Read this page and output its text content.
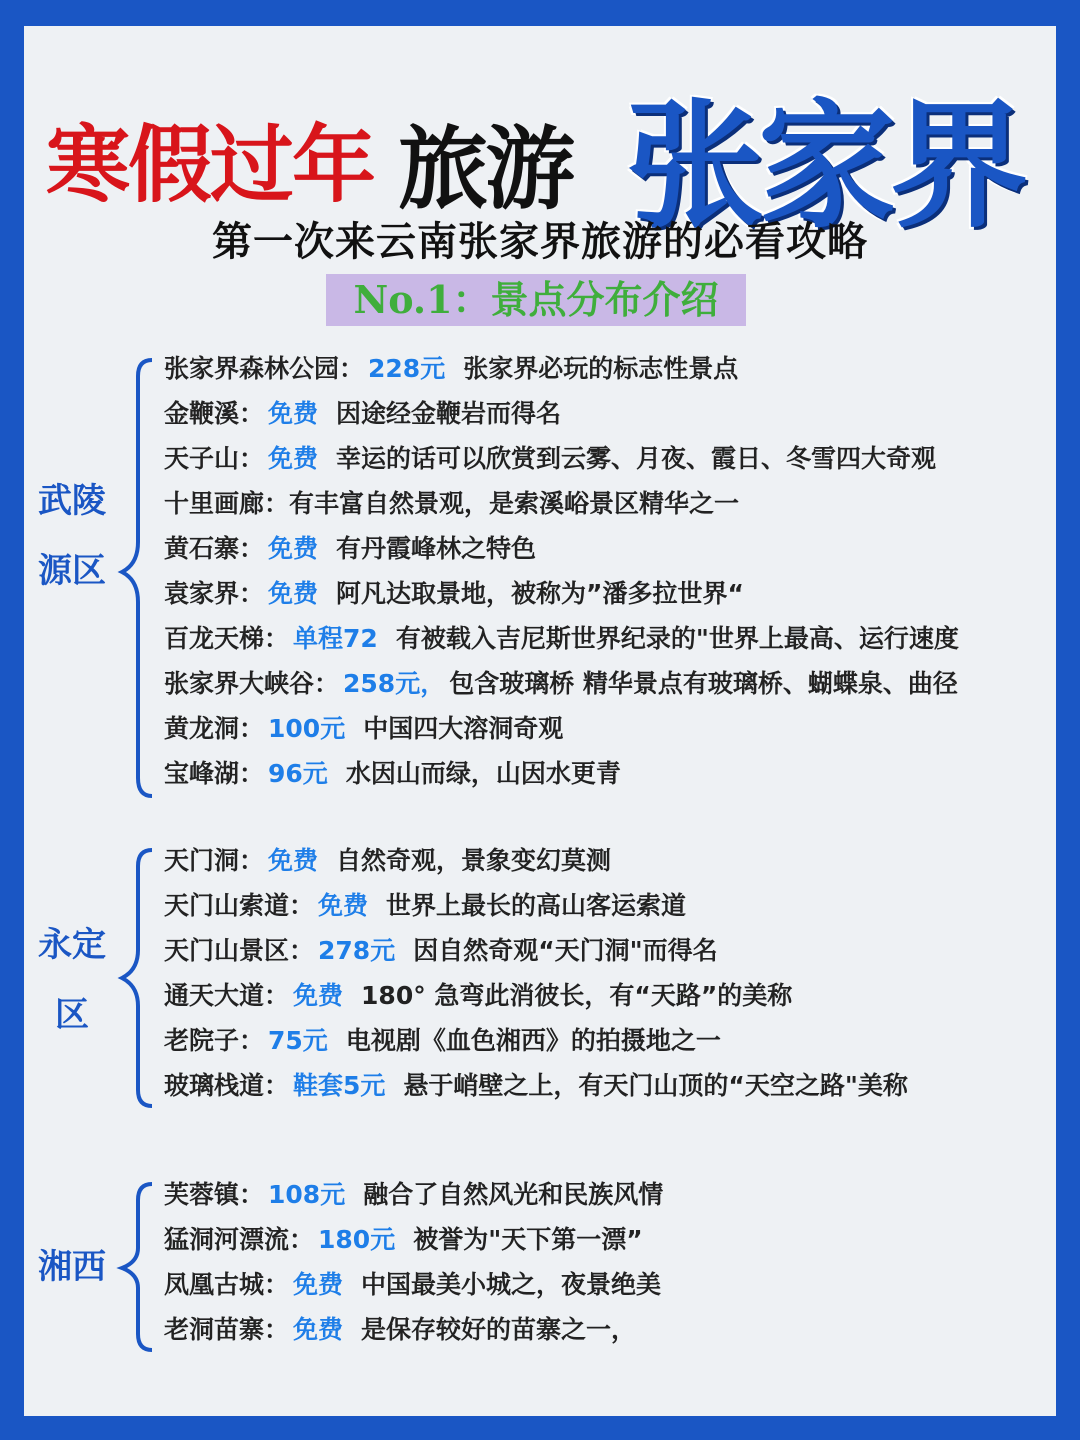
寒假过年 旅游 张家界
第一次来云南张家界旅游的必看攻略
No.1：景点分布介绍
武陵
源区
张家界森林公园： 228元 张家界必玩的标志性景点
金鞭溪： 免费 因途经金鞭岩而得名
天子山： 免费 幸运的话可以欣赏到云雾、月夜、霞日、冬雪四大奇观
十里画廊：有丰富自然景观，是索溪峪景区精华之一
黄石寨： 免费 有丹霞峰林之特色
袁家界： 免费 阿凡达取景地，被称为”潘多拉世界“
百龙天梯： 单程72 有被载入吉尼斯世界纪录的"世界上最高、运行速度
张家界大峡谷： 258元， 包含玻璃桥 精华景点有玻璃桥、蝴蝶泉、曲径
黄龙洞： 100元 中国四大溶洞奇观
宝峰湖： 96元 水因山而绿，山因水更青
永定
区
天门洞： 免费 自然奇观，景象变幻莫测
天门山索道： 免费 世界上最长的高山客运索道
天门山景区： 278元 因自然奇观“天门洞"而得名
通天大道： 免费 180° 急弯此消彼长，有“天路”的美称
老院子： 75元 电视剧《血色湘西》的拍摄地之一
玻璃栈道： 鞋套5元 悬于峭壁之上，有天门山顶的“天空之路"美称
湘西
芙蓉镇： 108元 融合了自然风光和民族风情
猛洞河漂流： 180元 被誉为"天下第一漂”
凤凰古城： 免费 中国最美小城之，夜景绝美
老洞苗寨： 免费 是保存较好的苗寨之一，
